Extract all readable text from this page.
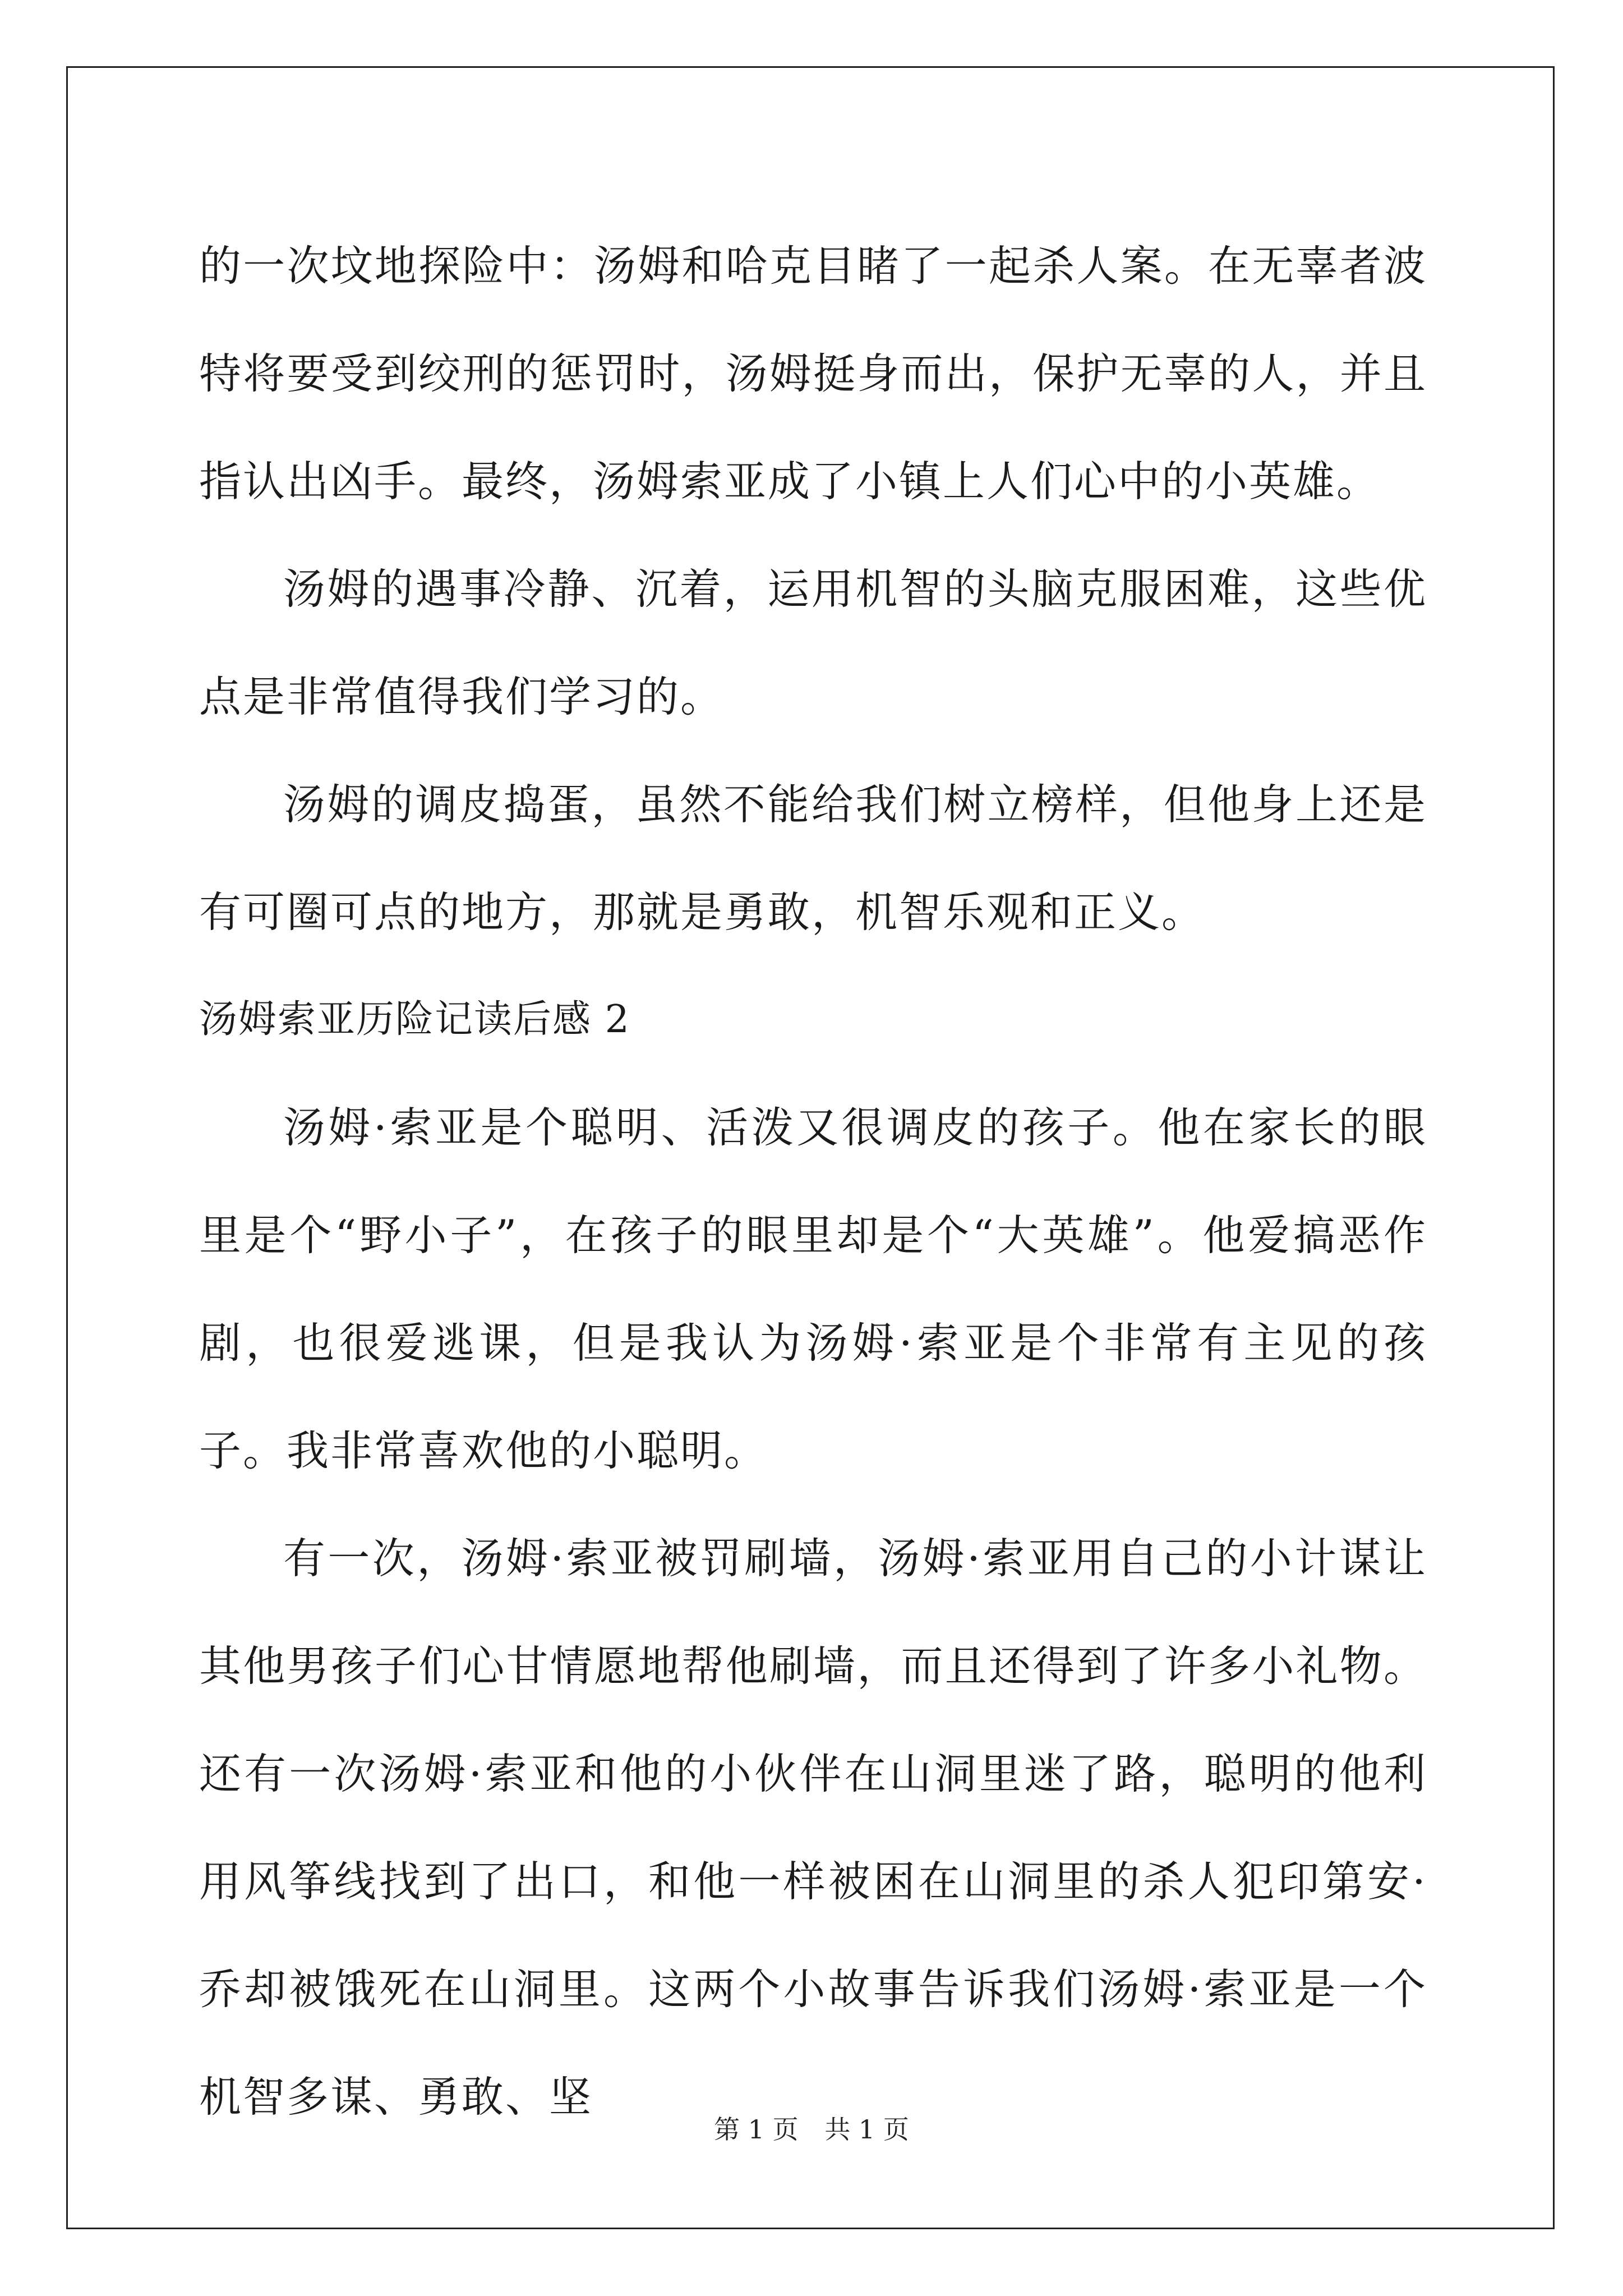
的一次坟地探险中：汤姆和哈克目睹了一起杀人案。在无辜者波特将要受到绞刑的惩罚时，汤姆挺身而出，保护无辜的人，并且指认出凶手。最终，汤姆索亚成了小镇上人们心中的小英雄。

汤姆的遇事冷静、沉着，运用机智的头脑克服困难，这些优点是非常值得我们学习的。

汤姆的调皮捣蛋，虽然不能给我们树立榜样，但他身上还是有可圈可点的地方，那就是勇敢，机智乐观和正义。

汤姆索亚历险记读后感 2

汤姆·索亚是个聪明、活泼又很调皮的孩子。他在家长的眼里是个“野小子”，在孩子的眼里却是个“大英雄”。他爱搞恶作剧，也很爱逃课，但是我认为汤姆·索亚是个非常有主见的孩子。我非常喜欢他的小聪明。

有一次，汤姆·索亚被罚刷墙，汤姆·索亚用自己的小计谋让其他男孩子们心甘情愿地帮他刷墙，而且还得到了许多小礼物。还有一次汤姆·索亚和他的小伙伴在山洞里迷了路，聪明的他利用风筝线找到了出口，和他一样被困在山洞里的杀人犯印第安·乔却被饿死在山洞里。这两个小故事告诉我们汤姆·索亚是一个机智多谋、勇敢、坚

第 1 页 共 1 页
